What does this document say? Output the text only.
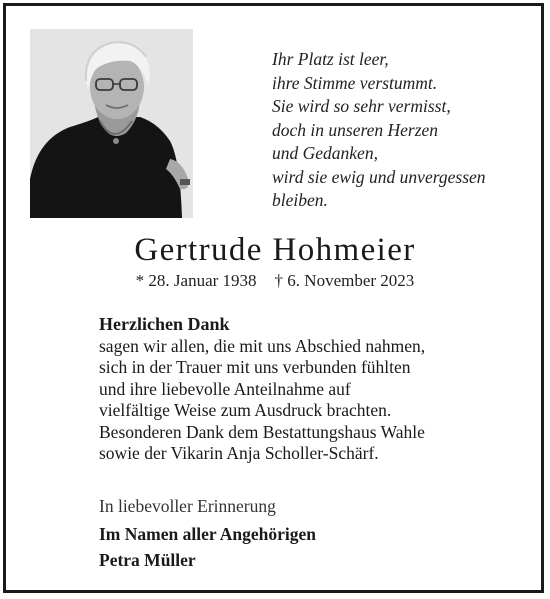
Ihr Platz ist leer,
ihre Stimme verstummt.
Sie wird so sehr vermisst,
doch in unseren Herzen
und Gedanken,
wird sie ewig und unvergessen
bleiben.
Gertrude Hohmeier
* 28. Januar 1938 † 6. November 2023
Herzlichen Dank
sagen wir allen, die mit uns Abschied nahmen,
sich in der Trauer mit uns verbunden fühlten
und ihre liebevolle Anteilnahme auf
vielfältige Weise zum Ausdruck brachten.
Besonderen Dank dem Bestattungshaus Wahle
sowie der Vikarin Anja Scholler-Schärf.
In liebevoller Erinnerung
Im Namen aller Angehörigen
Petra Müller
